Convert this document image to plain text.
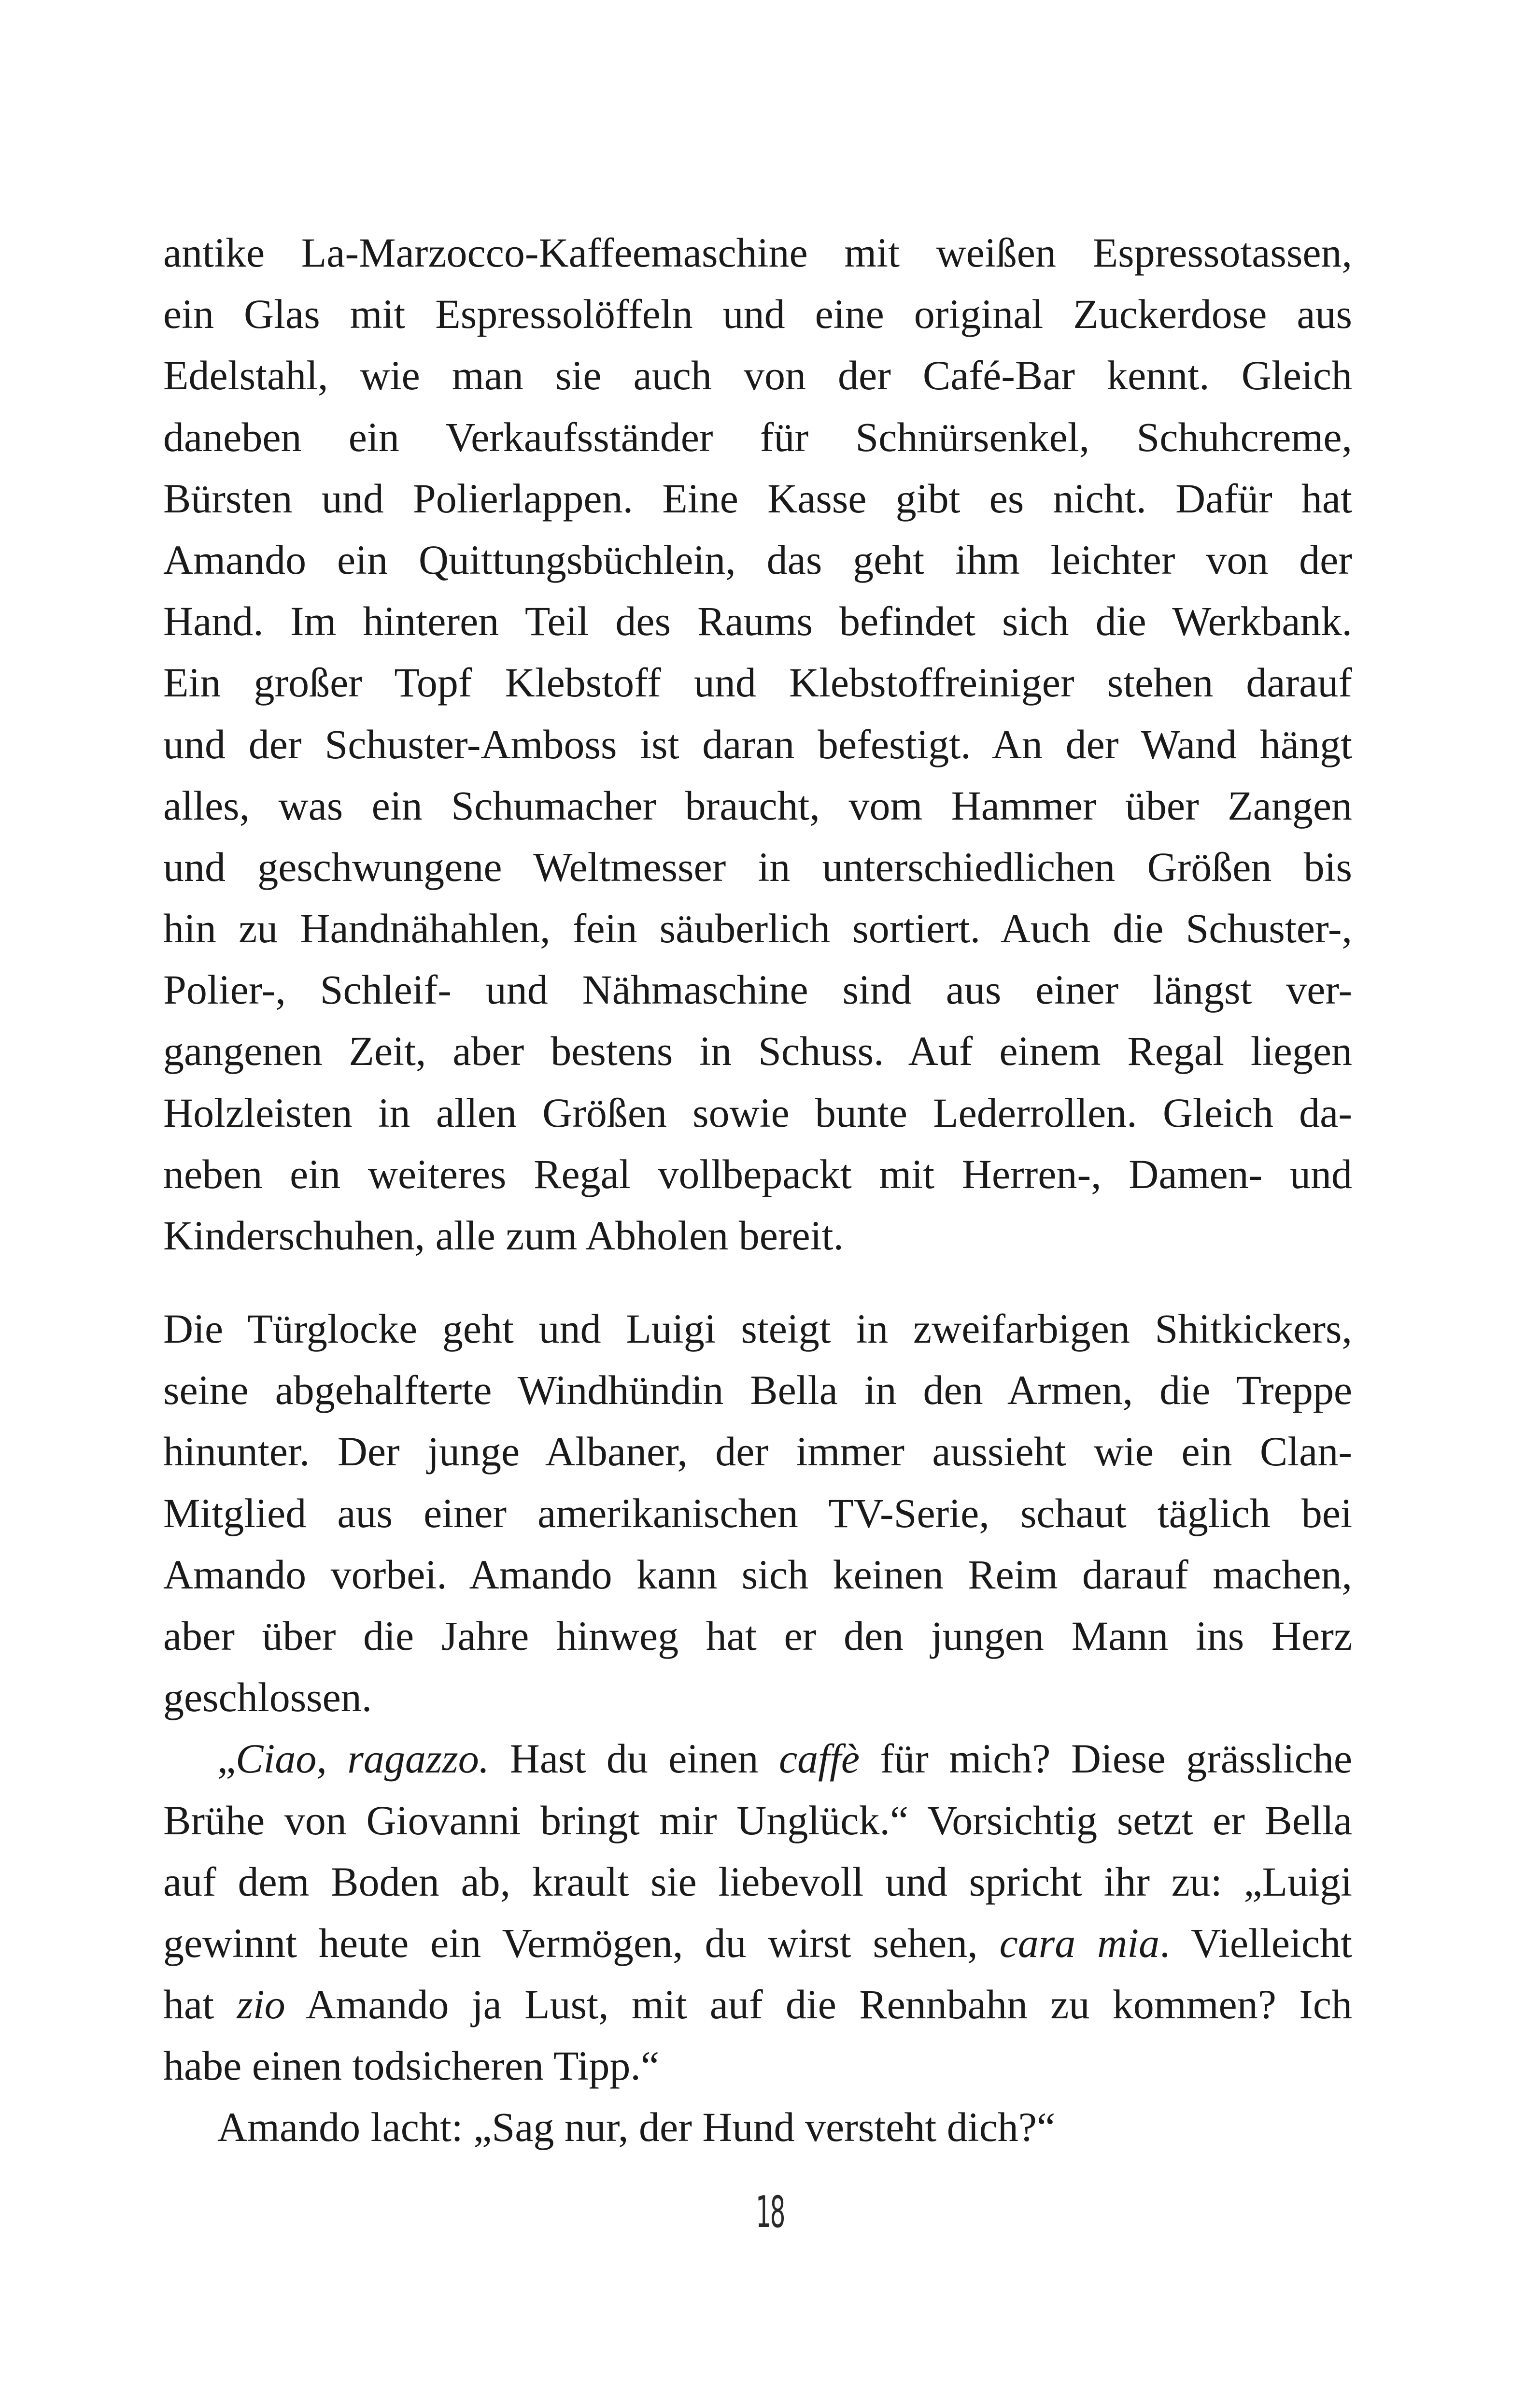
antike La-Marzocco-Kaffeemaschine mit weißen Espressotassen,
ein Glas mit Espressolöffeln und eine original Zuckerdose aus
Edelstahl, wie man sie auch von der Café-Bar kennt. Gleich
daneben ein Verkaufsständer für Schnürsenkel, Schuhcreme,
Bürsten und Polierlappen. Eine Kasse gibt es nicht. Dafür hat
Amando ein Quittungsbüchlein, das geht ihm leichter von der
Hand. Im hinteren Teil des Raums befindet sich die Werkbank.
Ein großer Topf Klebstoff und Klebstoffreiniger stehen darauf
und der Schuster-Amboss ist daran befestigt. An der Wand hängt
alles, was ein Schumacher braucht, vom Hammer über Zangen
und geschwungene Weltmesser in unterschiedlichen Größen bis
hin zu Handnähahlen, fein säuberlich sortiert. Auch die Schuster-,
Polier-, Schleif- und Nähmaschine sind aus einer längst ver-
gangenen Zeit, aber bestens in Schuss. Auf einem Regal liegen
Holzleisten in allen Größen sowie bunte Lederrollen. Gleich da-
neben ein weiteres Regal vollbepackt mit Herren-, Damen- und
Kinderschuhen, alle zum Abholen bereit.
Die Türglocke geht und Luigi steigt in zweifarbigen Shitkickers,
seine abgehalfterte Windhündin Bella in den Armen, die Treppe
hinunter. Der junge Albaner, der immer aussieht wie ein Clan-
Mitglied aus einer amerikanischen TV-Serie, schaut täglich bei
Amando vorbei. Amando kann sich keinen Reim darauf machen,
aber über die Jahre hinweg hat er den jungen Mann ins Herz
geschlossen.
„Ciao, ragazzo. Hast du einen caffè für mich? Diese grässliche
Brühe von Giovanni bringt mir Unglück.“ Vorsichtig setzt er Bella
auf dem Boden ab, krault sie liebevoll und spricht ihr zu: „Luigi
gewinnt heute ein Vermögen, du wirst sehen, cara mia. Vielleicht
hat zio Amando ja Lust, mit auf die Rennbahn zu kommen? Ich
habe einen todsicheren Tipp.“
Amando lacht: „Sag nur, der Hund versteht dich?“
18
